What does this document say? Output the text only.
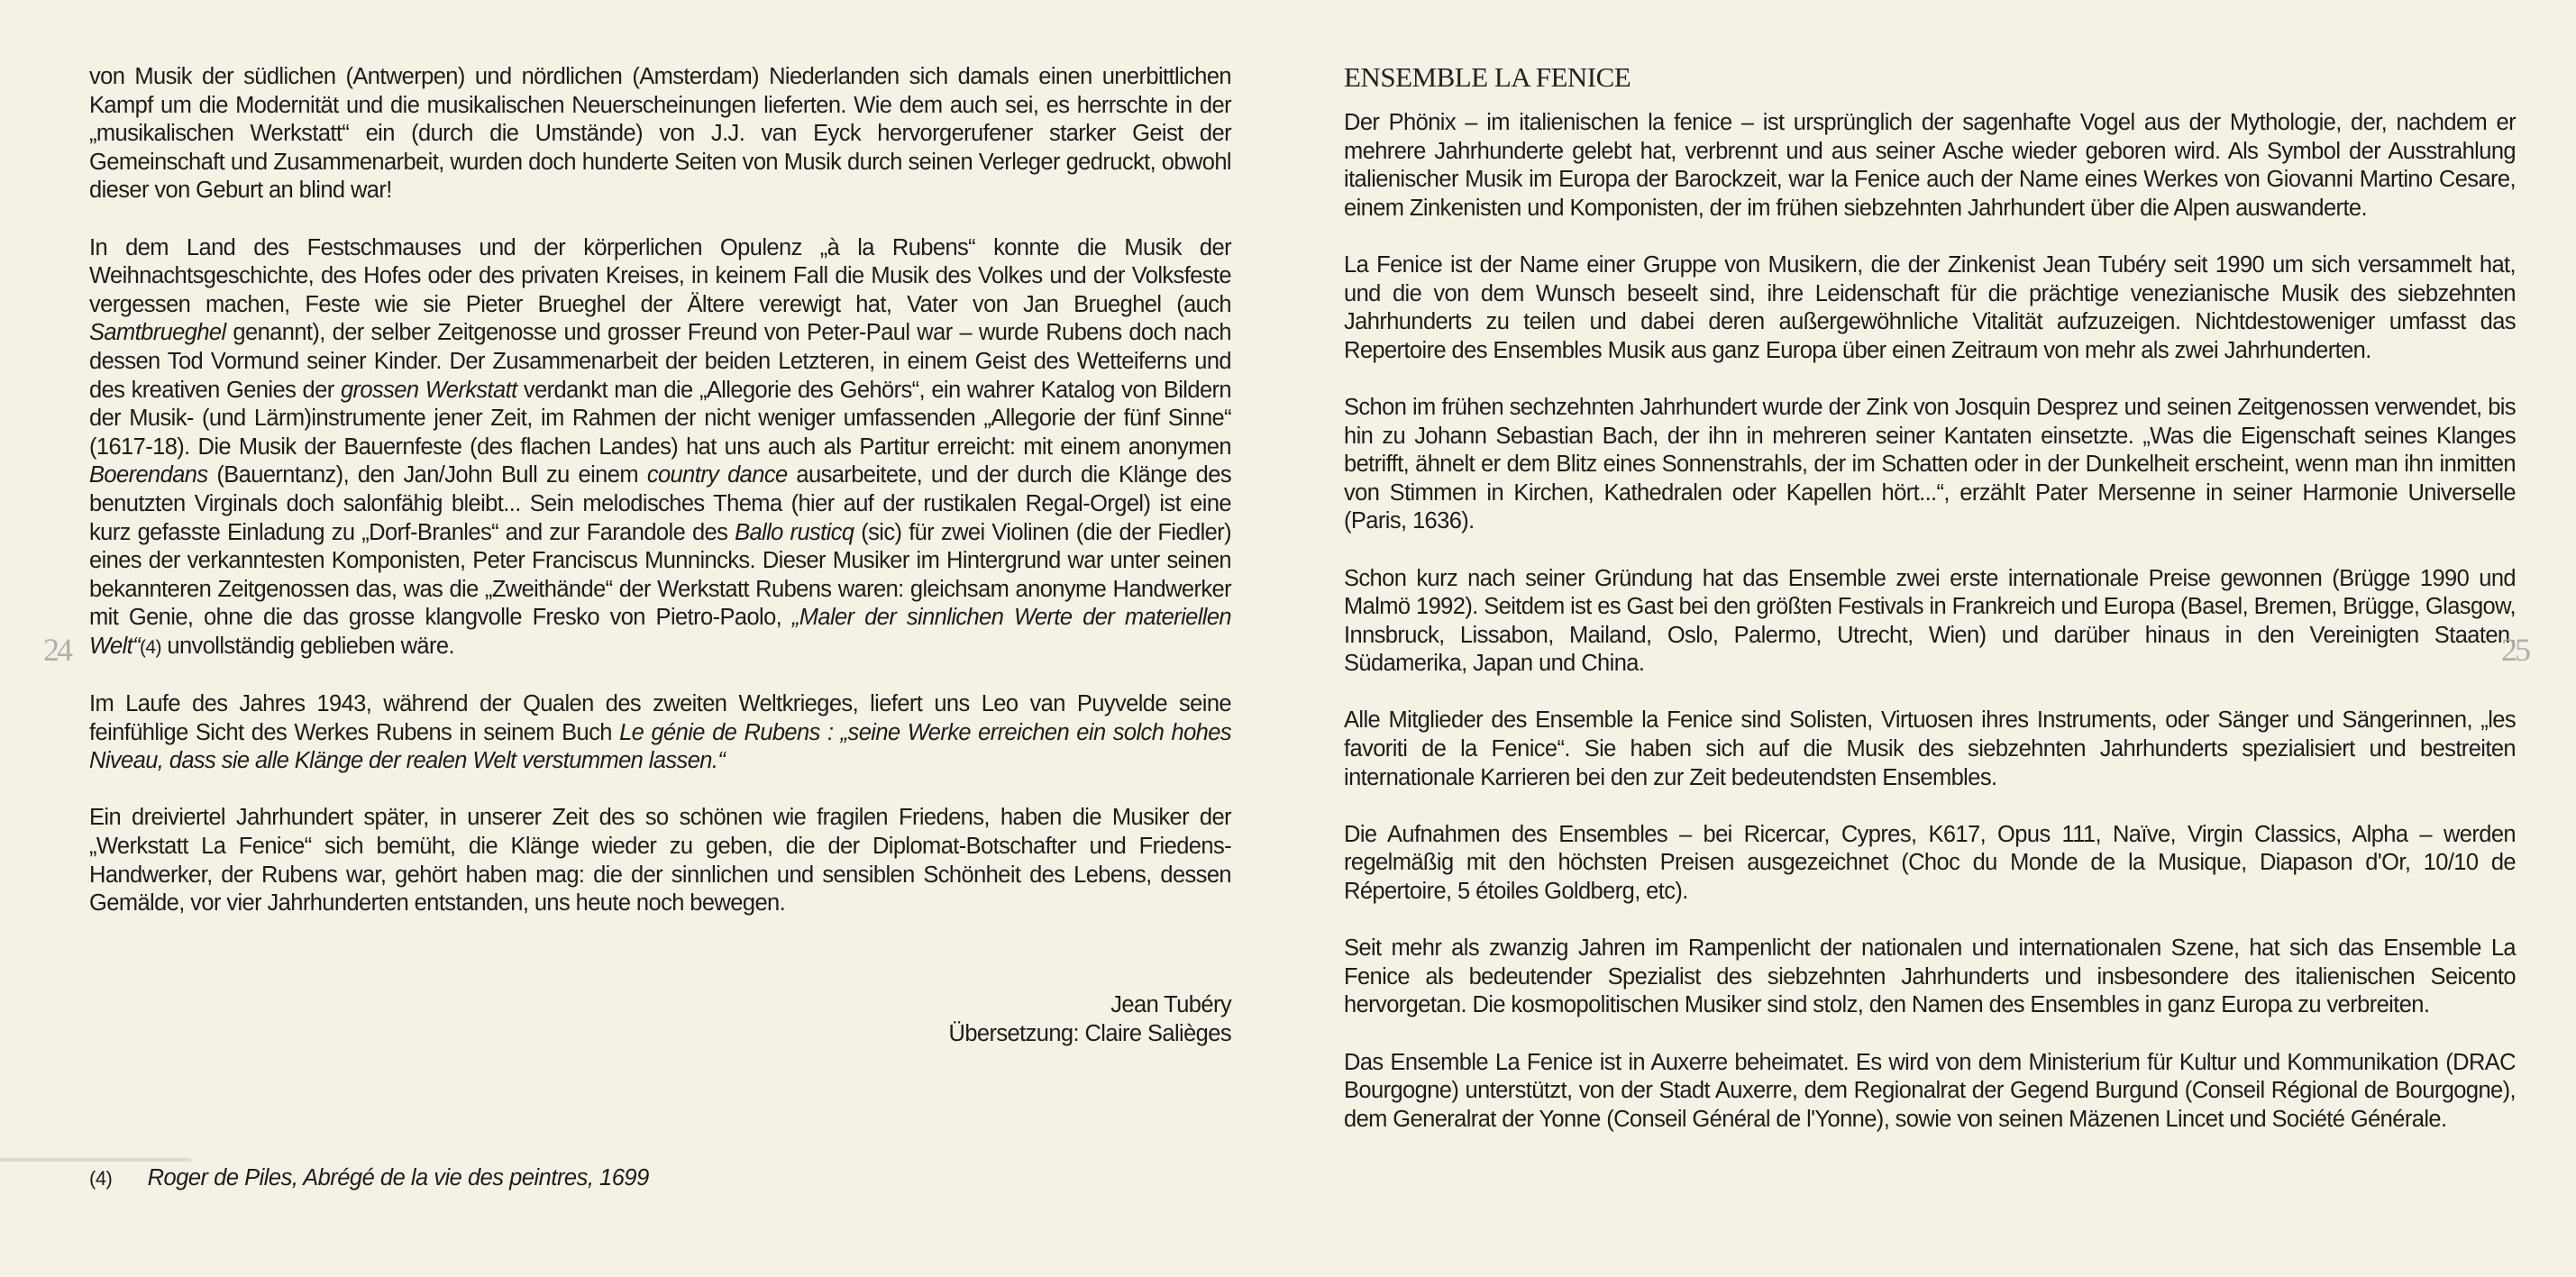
von Musik der südlichen (Antwerpen) und nördlichen (Amsterdam) Niederlanden sich damals einen unerbittlichen Kampf um die Modernität und die musikalischen Neuerscheinungen lieferten. Wie dem auch sei, es herrschte in der „musikalischen Werkstatt“ ein (durch die Umstände) von J.J. van Eyck hervorgerufener starker Geist der Gemeinschaft und Zusammenarbeit, wurden doch hunderte Seiten von Musik durch seinen Verleger gedruckt, obwohl dieser von Geburt an blind war!

In dem Land des Festschmauses und der körperlichen Opulenz „à la Rubens“ konnte die Musik der Weihnachtsgeschichte, des Hofes oder des privaten Kreises, in keinem Fall die Musik des Volkes und der Volksfeste vergessen machen, Feste wie sie Pieter Brueghel der Ältere verewigt hat, Vater von Jan Brueghel (auch Samtbrueghel genannt), der selber Zeitgenosse und grosser Freund von Peter-Paul war – wurde Rubens doch nach dessen Tod Vormund seiner Kinder. Der Zusammenarbeit der beiden Letzteren, in einem Geist des Wetteiferns und des kreativen Genies der grossen Werkstatt verdankt man die „Allegorie des Gehörs“, ein wahrer Katalog von Bildern der Musik- (und Lärm)instrumente jener Zeit, im Rahmen der nicht weniger umfassenden „Allegorie der fünf Sinne“ (1617-18). Die Musik der Bauernfeste (des flachen Landes) hat uns auch als Partitur erreicht: mit einem anonymen Boerendans (Bauerntanz), den Jan/John Bull zu einem country dance ausarbeitete, und der durch die Klänge des benutzten Virginals doch salonfähig bleibt... Sein melodisches Thema (hier auf der rustikalen Regal-Orgel) ist eine kurz gefasste Einladung zu „Dorf-Branles“ and zur Farandole des Ballo rusticq (sic) für zwei Violinen (die der Fiedler) eines der verkanntesten Komponisten, Peter Franciscus Munnincks. Dieser Musiker im Hintergrund war unter seinen bekannteren Zeitgenossen das, was die „Zweithände“ der Werkstatt Rubens waren: gleichsam anonyme Handwerker mit Genie, ohne die das grosse klangvolle Fresko von Pietro-Paolo, „Maler der sinnlichen Werte der materiellen Welt“(4) unvollständig geblieben wäre.

Im Laufe des Jahres 1943, während der Qualen des zweiten Weltkrieges, liefert uns Leo van Puyvelde seine feinfühlige Sicht des Werkes Rubens in seinem Buch Le génie de Rubens : „seine Werke erreichen ein solch hohes Niveau, dass sie alle Klänge der realen Welt verstummen lassen.“

Ein dreiviertel Jahrhundert später, in unserer Zeit des so schönen wie fragilen Friedens, haben die Musiker der „Werkstatt La Fenice“ sich bemüht, die Klänge wieder zu geben, die der Diplomat-Botschafter und Friedens-Handwerker, der Rubens war, gehört haben mag: die der sinnlichen und sensiblen Schönheit des Lebens, dessen Gemälde, vor vier Jahrhunderten entstanden, uns heute noch bewegen.

Jean Tubéry
Übersetzung: Claire Salièges
24
(4) Roger de Piles, Abrégé de la vie des peintres, 1699
ENSEMBLE LA FENICE

Der Phönix – im italienischen la fenice – ist ursprünglich der sagenhafte Vogel aus der Mythologie, der, nachdem er mehrere Jahrhunderte gelebt hat, verbrennt und aus seiner Asche wieder geboren wird. Als Symbol der Ausstrahlung italienischer Musik im Europa der Barockzeit, war la Fenice auch der Name eines Werkes von Giovanni Martino Cesare, einem Zinkenisten und Komponisten, der im frühen siebzehnten Jahrhundert über die Alpen auswanderte.

La Fenice ist der Name einer Gruppe von Musikern, die der Zinkenist Jean Tubéry seit 1990 um sich versammelt hat, und die von dem Wunsch beseelt sind, ihre Leidenschaft für die prächtige venezianische Musik des siebzehnten Jahrhunderts zu teilen und dabei deren außergewöhnliche Vitalität aufzuzeigen. Nichtdestoweniger umfasst das Repertoire des Ensembles Musik aus ganz Europa über einen Zeitraum von mehr als zwei Jahrhunderten.

Schon im frühen sechzehnten Jahrhundert wurde der Zink von Josquin Desprez und seinen Zeitgenossen verwendet, bis hin zu Johann Sebastian Bach, der ihn in mehreren seiner Kantaten einsetzte. „Was die Eigenschaft seines Klanges betrifft, ähnelt er dem Blitz eines Sonnenstrahls, der im Schatten oder in der Dunkelheit erscheint, wenn man ihn inmitten von Stimmen in Kirchen, Kathedralen oder Kapellen hört...“, erzählt Pater Mersenne in seiner Harmonie Universelle (Paris, 1636).

Schon kurz nach seiner Gründung hat das Ensemble zwei erste internationale Preise gewonnen (Brügge 1990 und Malmö 1992). Seitdem ist es Gast bei den größten Festivals in Frankreich und Europa (Basel, Bremen, Brügge, Glasgow, Innsbruck, Lissabon, Mailand, Oslo, Palermo, Utrecht, Wien) und darüber hinaus in den Vereinigten Staaten, Südamerika, Japan und China.

Alle Mitglieder des Ensemble la Fenice sind Solisten, Virtuosen ihres Instruments, oder Sänger und Sängerinnen, „les favoriti de la Fenice“. Sie haben sich auf die Musik des siebzehnten Jahrhunderts spezialisiert und bestreiten internationale Karrieren bei den zur Zeit bedeutendsten Ensembles.

Die Aufnahmen des Ensembles – bei Ricercar, Cypres, K617, Opus 111, Naïve, Virgin Classics, Alpha – werden regelmäßig mit den höchsten Preisen ausgezeichnet (Choc du Monde de la Musique, Diapason d'Or, 10/10 de Répertoire, 5 étoiles Goldberg, etc).

Seit mehr als zwanzig Jahren im Rampenlicht der nationalen und internationalen Szene, hat sich das Ensemble La Fenice als bedeutender Spezialist des siebzehnten Jahrhunderts und insbesondere des italienischen Seicento hervorgetan. Die kosmopolitischen Musiker sind stolz, den Namen des Ensembles in ganz Europa zu verbreiten.

Das Ensemble La Fenice ist in Auxerre beheimatet. Es wird von dem Ministerium für Kultur und Kommunikation (DRAC Bourgogne) unterstützt, von der Stadt Auxerre, dem Regionalrat der Gegend Burgund (Conseil Régional de Bourgogne), dem Generalrat der Yonne (Conseil Général de l'Yonne), sowie von seinen Mäzenen Lincet und Société Générale.

25
